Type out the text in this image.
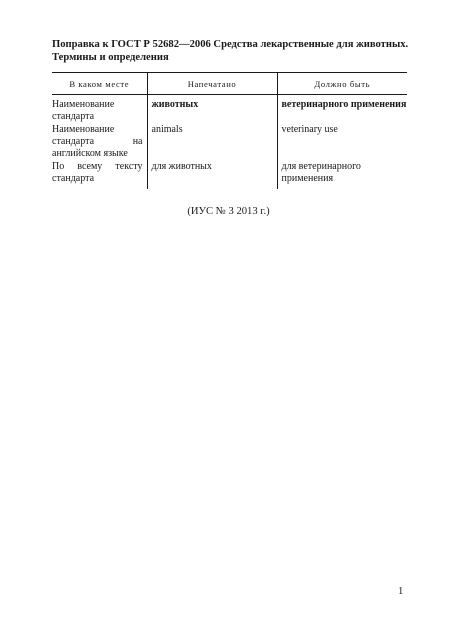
Поправка к ГОСТ Р 52682—2006 Средства лекарственные для животных. Термины и определения

В каком месте	Напечатано	Должно быть
Наименование стандарта	животных	ветеринарного применения
Наименование стандарта на английском языке	animals	veterinary use
По всему тексту стандарта	для животных	для ветеринарного применения

(ИУС № 3 2013 г.)

1
